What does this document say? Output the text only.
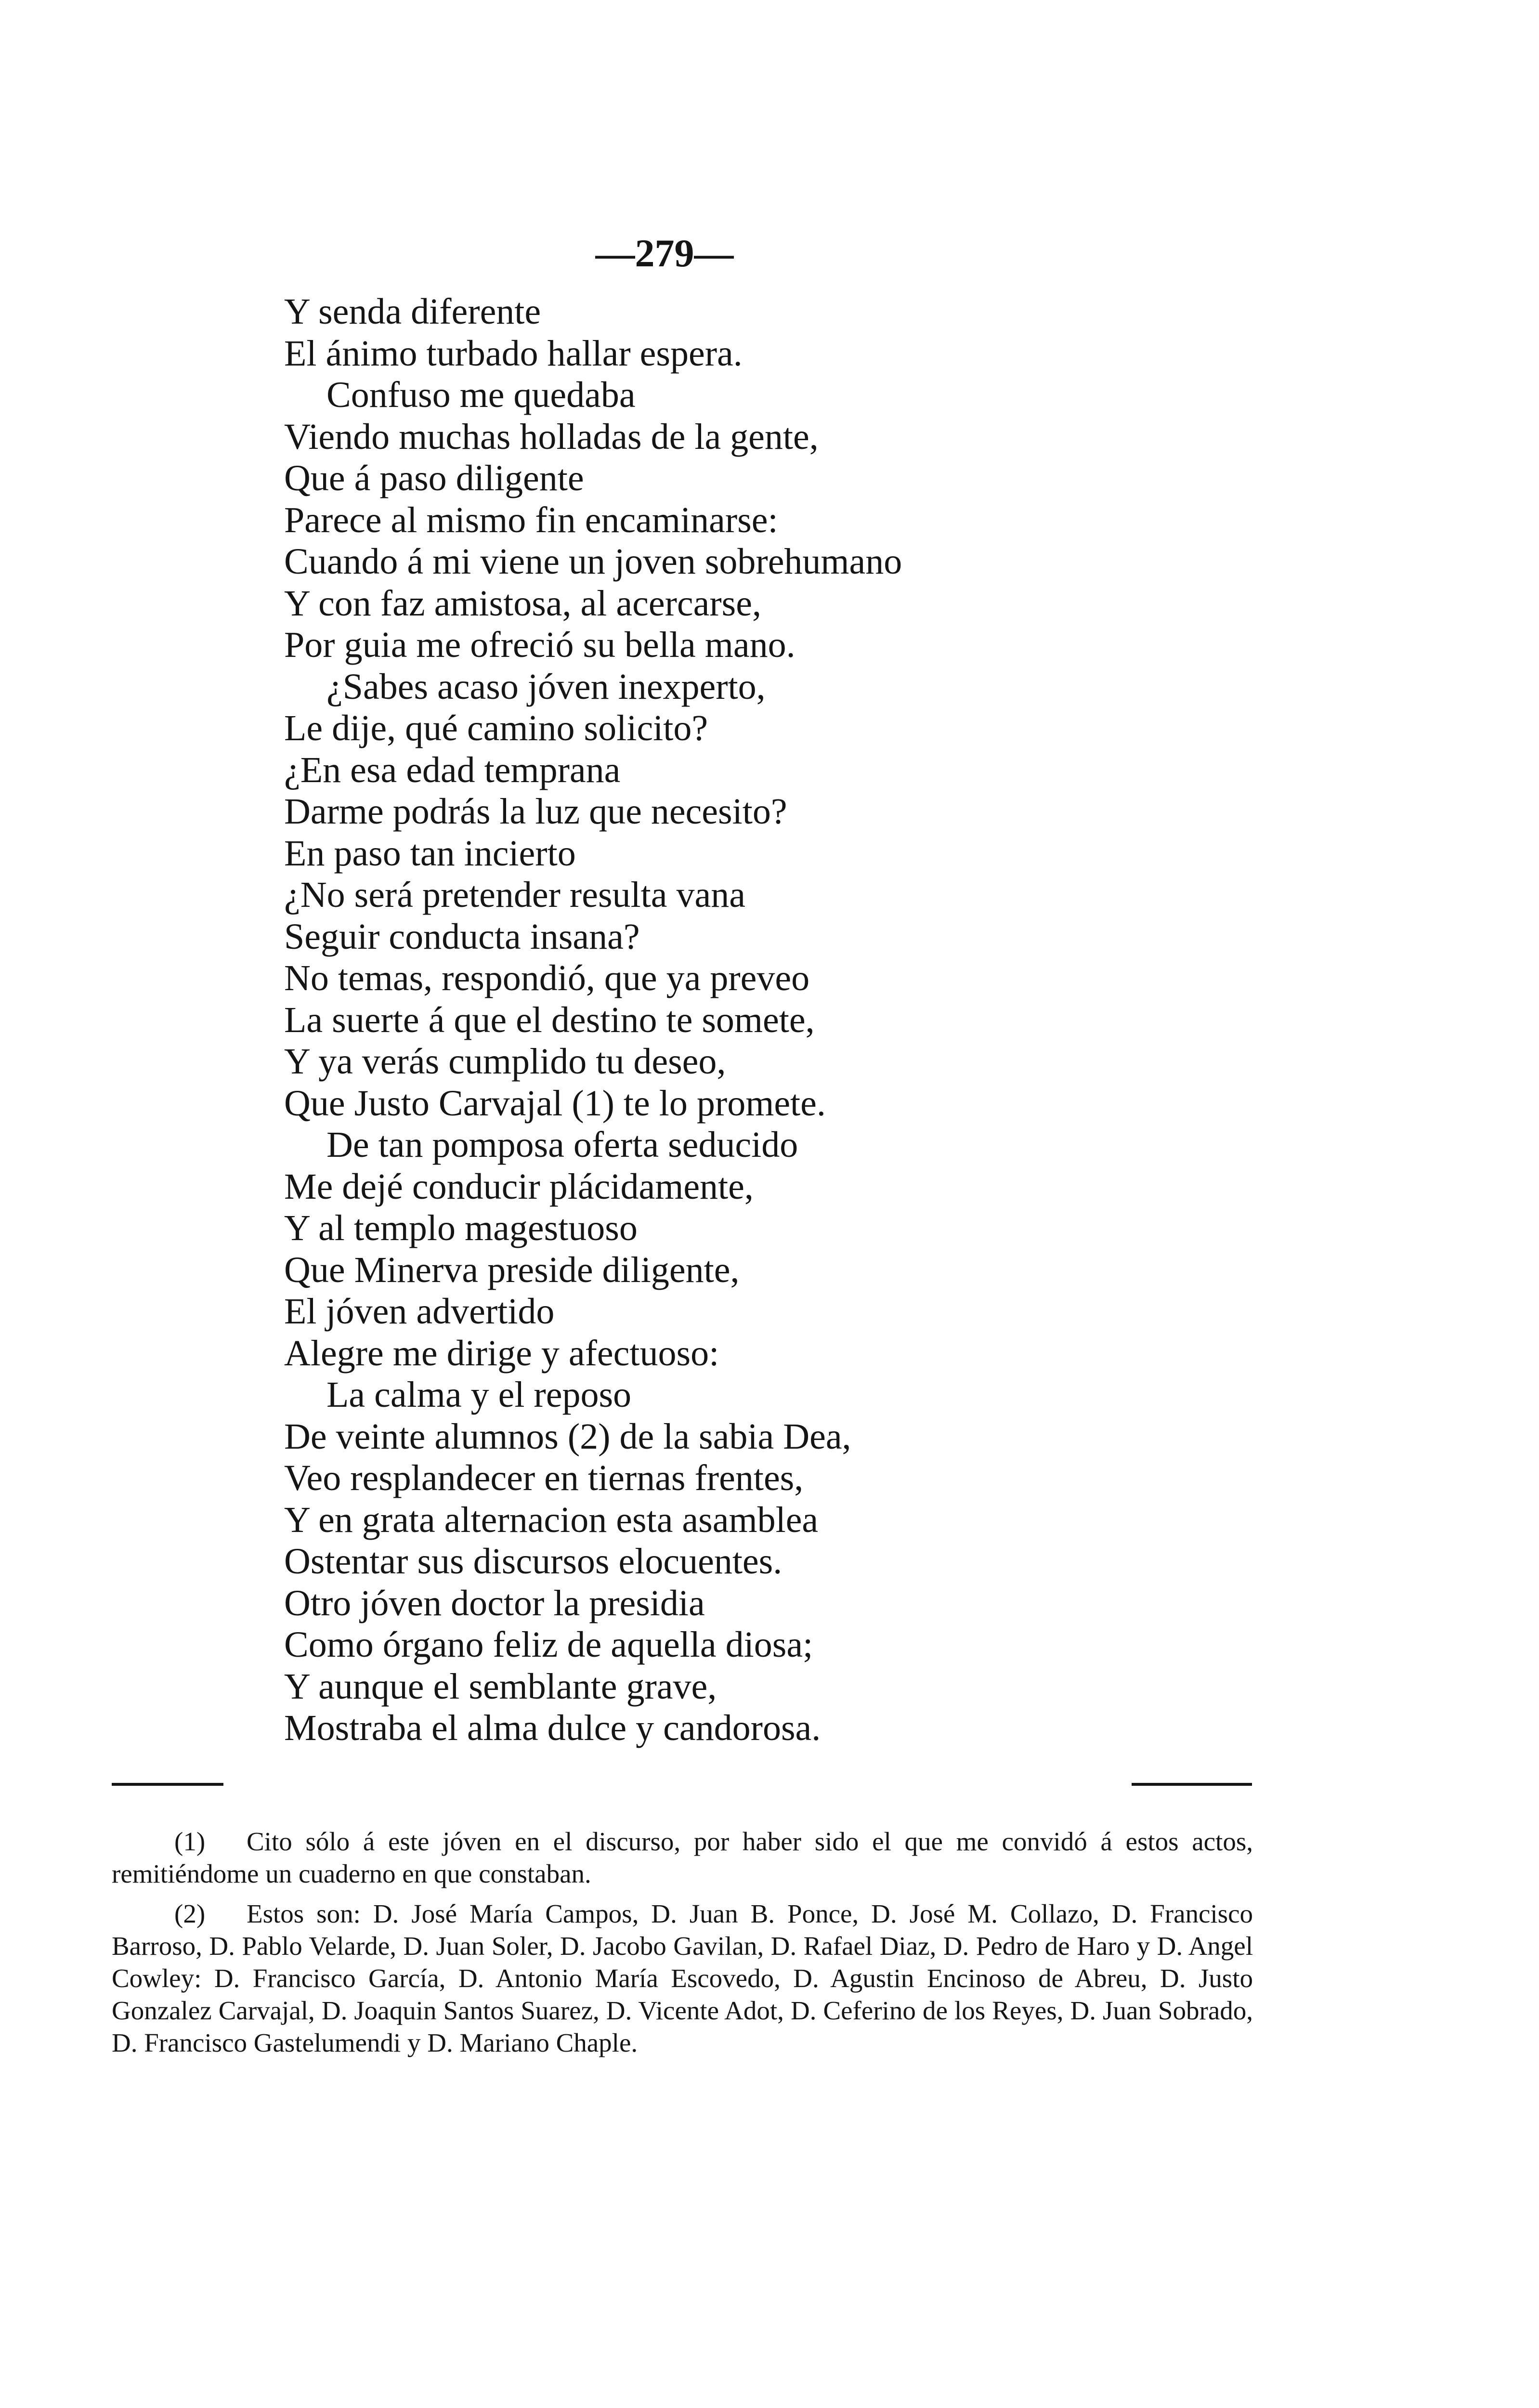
—279—
Y senda diferente
El ánimo turbado hallar espera.
Confuso me quedaba
Viendo muchas holladas de la gente,
Que á paso diligente
Parece al mismo fin encaminarse:
Cuando á mi viene un joven sobrehumano
Y con faz amistosa, al acercarse,
Por guia me ofreció su bella mano.
¿Sabes acaso jóven inexperto,
Le dije, qué camino solicito?
¿En esa edad temprana
Darme podrás la luz que necesito?
En paso tan incierto
¿No será pretender resulta vana
Seguir conducta insana?
No temas, respondió, que ya preveo
La suerte á que el destino te somete,
Y ya verás cumplido tu deseo,
Que Justo Carvajal (1) te lo promete.
De tan pomposa oferta seducido
Me dejé conducir plácidamente,
Y al templo magestuoso
Que Minerva preside diligente,
El jóven advertido
Alegre me dirige y afectuoso:
La calma y el reposo
De veinte alumnos (2) de la sabia Dea,
Veo resplandecer en tiernas frentes,
Y en grata alternacion esta asamblea
Ostentar sus discursos elocuentes.
Otro jóven doctor la presidia
Como órgano feliz de aquella diosa;
Y aunque el semblante grave,
Mostraba el alma dulce y candorosa.

(1) Cito sólo á este jóven en el discurso, por haber sido el que me convidó á estos actos, remitiéndome un cuaderno en que constaban.

(2) Estos son: D. José María Campos, D. Juan B. Ponce, D. José M. Collazo, D. Francisco Barroso, D. Pablo Velarde, D. Juan Soler, D. Jacobo Gavilan, D. Rafael Diaz, D. Pedro de Haro y D. Angel Cowley: D. Francisco García, D. Antonio María Escovedo, D. Agustin Encinoso de Abreu, D. Justo Gonzalez Carvajal, D. Joaquin Santos Suarez, D. Vicente Adot, D. Ceferino de los Reyes, D. Juan Sobrado, D. Francisco Gastelumendi y D. Mariano Chaple.
